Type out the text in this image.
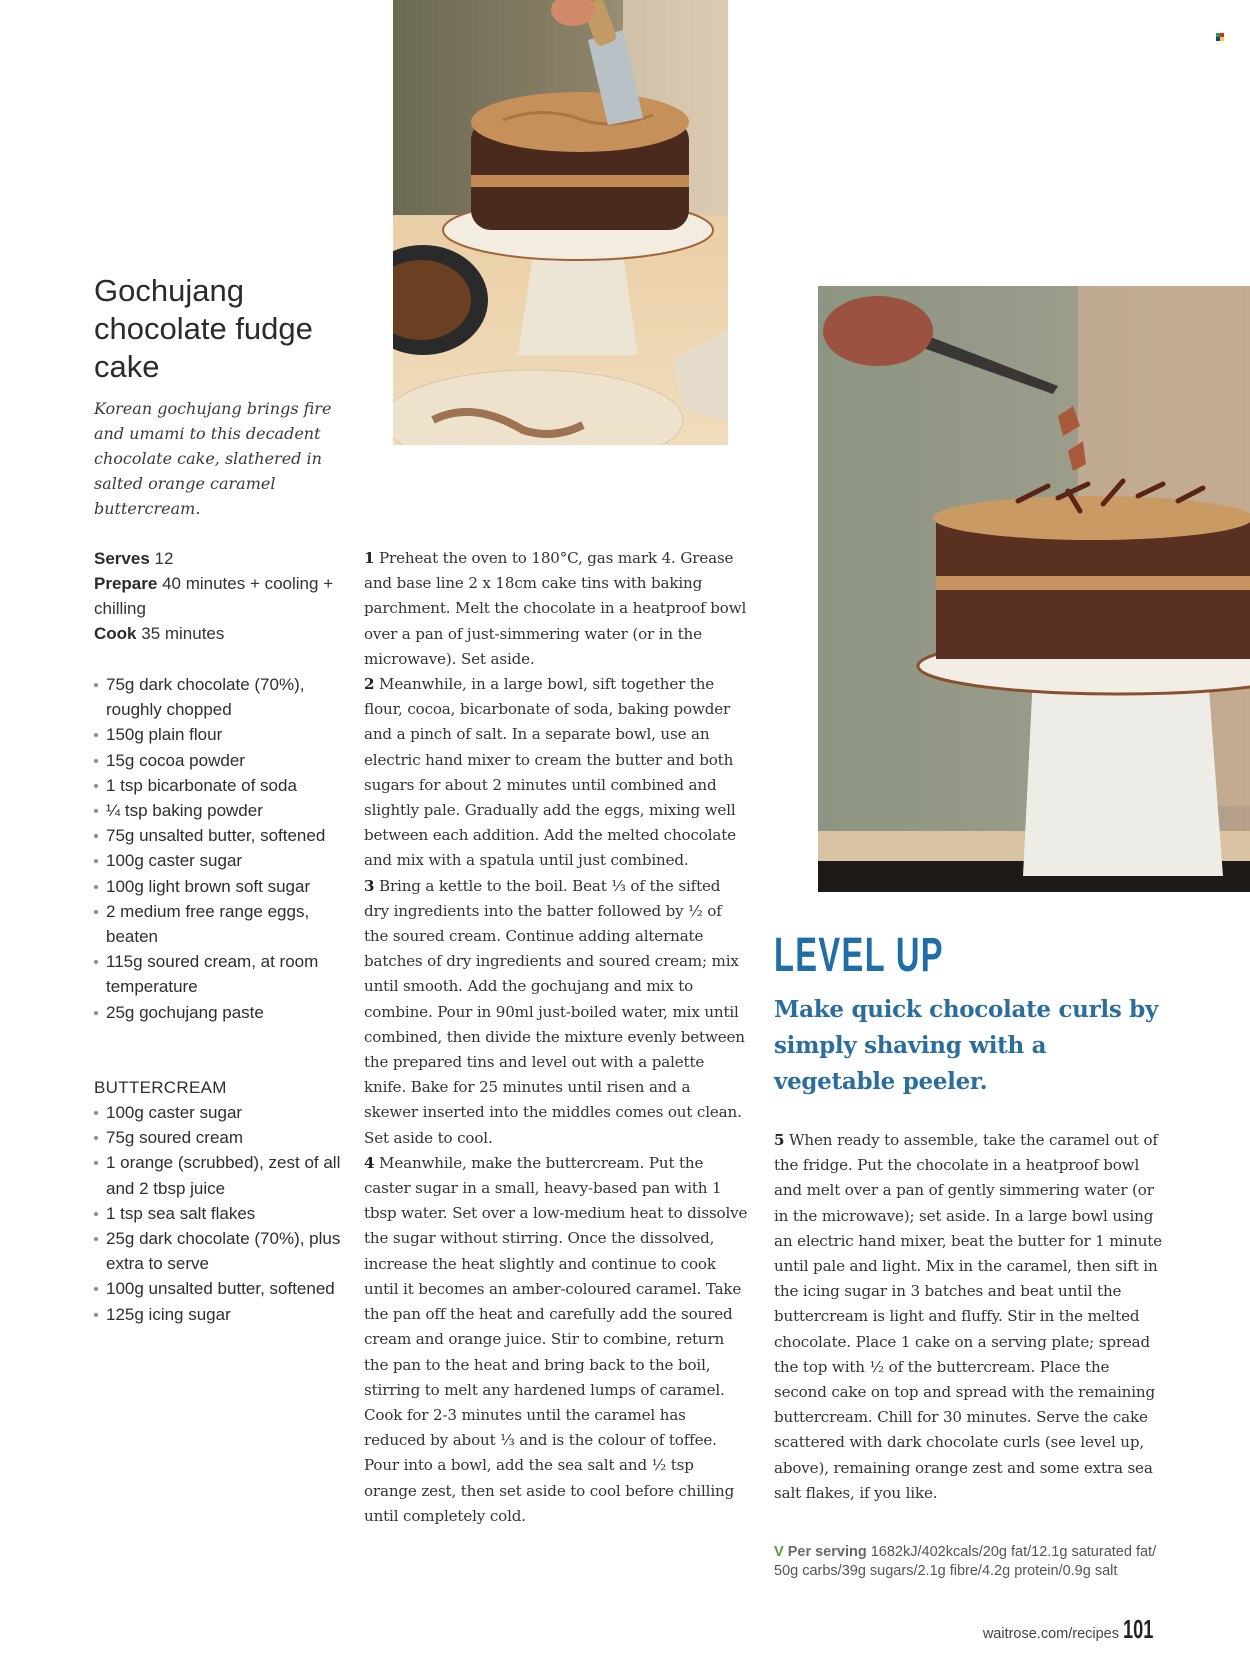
Gochujang chocolate fudge cake

Korean gochujang brings fire and umami to this decadent chocolate cake, slathered in salted orange caramel buttercream.

Serves 12
Prepare 40 minutes + cooling + chilling
Cook 35 minutes
75g dark chocolate (70%), roughly chopped
150g plain flour
15g cocoa powder
1 tsp bicarbonate of soda
¼ tsp baking powder
75g unsalted butter, softened
100g caster sugar
100g light brown soft sugar
2 medium free range eggs, beaten
115g soured cream, at room temperature
25g gochujang paste
BUTTERCREAM
100g caster sugar
75g soured cream
1 orange (scrubbed), zest of all and 2 tbsp juice
1 tsp sea salt flakes
25g dark chocolate (70%), plus extra to serve
100g unsalted butter, softened
125g icing sugar

1 Preheat the oven to 180°C, gas mark 4. Grease and base line 2 x 18cm cake tins with baking parchment. Melt the chocolate in a heatproof bowl over a pan of just-simmering water (or in the microwave). Set aside.

2 Meanwhile, in a large bowl, sift together the flour, cocoa, bicarbonate of soda, baking powder and a pinch of salt. In a separate bowl, use an electric hand mixer to cream the butter and both sugars for about 2 minutes until combined and slightly pale. Gradually add the eggs, mixing well between each addition. Add the melted chocolate and mix with a spatula until just combined.

3 Bring a kettle to the boil. Beat ⅓ of the sifted dry ingredients into the batter followed by ½ of the soured cream. Continue adding alternate batches of dry ingredients and soured cream; mix until smooth. Add the gochujang and mix to combine. Pour in 90ml just-boiled water, mix until combined, then divide the mixture evenly between the prepared tins and level out with a palette knife. Bake for 25 minutes until risen and a skewer inserted into the middles comes out clean. Set aside to cool.

4 Meanwhile, make the buttercream. Put the caster sugar in a small, heavy-based pan with 1 tbsp water. Set over a low-medium heat to dissolve the sugar without stirring. Once the dissolved, increase the heat slightly and continue to cook until it becomes an amber-coloured caramel. Take the pan off the heat and carefully add the soured cream and orange juice. Stir to combine, return the pan to the heat and bring back to the boil, stirring to melt any hardened lumps of caramel. Cook for 2-3 minutes until the caramel has reduced by about ⅓ and is the colour of toffee. Pour into a bowl, add the sea salt and ½ tsp orange zest, then set aside to cool before chilling until completely cold.

LEVEL UP
Make quick chocolate curls by simply shaving with a vegetable peeler.

5 When ready to assemble, take the caramel out of the fridge. Put the chocolate in a heatproof bowl and melt over a pan of gently simmering water (or in the microwave); set aside. In a large bowl using an electric hand mixer, beat the butter for 1 minute until pale and light. Mix in the caramel, then sift in the icing sugar in 3 batches and beat until the buttercream is light and fluffy. Stir in the melted chocolate. Place 1 cake on a serving plate; spread the top with ½ of the buttercream. Place the second cake on top and spread with the remaining buttercream. Chill for 30 minutes. Serve the cake scattered with dark chocolate curls (see level up, above), remaining orange zest and some extra sea salt flakes, if you like.

V Per serving 1682kJ/402kcals/20g fat/12.1g saturated fat/ 50g carbs/39g sugars/2.1g fibre/4.2g protein/0.9g salt
waitrose.com/recipes 101
